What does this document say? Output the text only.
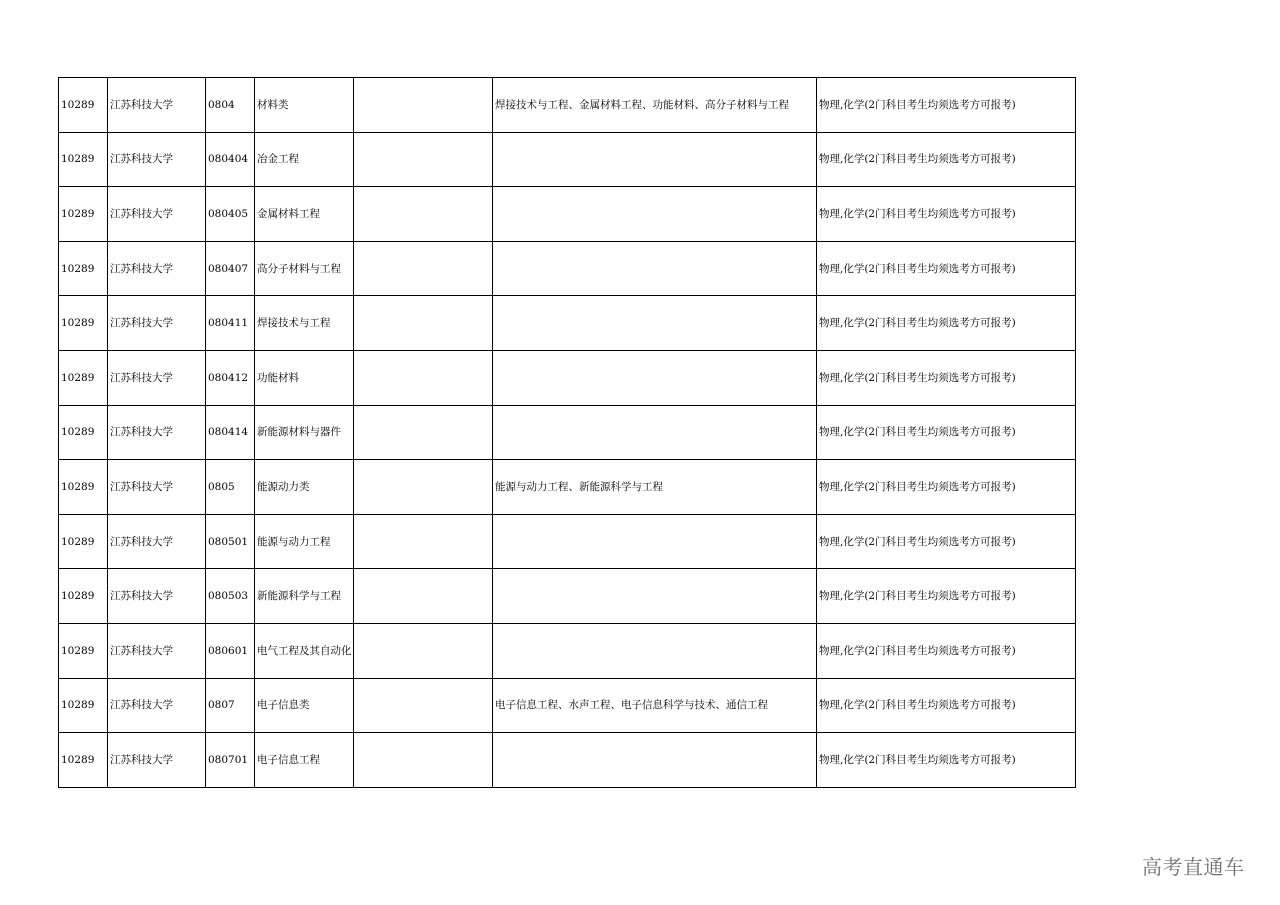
10289	江苏科技大学	0804	材料类		焊接技术与工程、金属材料工程、功能材料、高分子材料与工程	物理,化学(2门科目考生均须选考方可报考)
10289	江苏科技大学	080404	冶金工程			物理,化学(2门科目考生均须选考方可报考)
10289	江苏科技大学	080405	金属材料工程			物理,化学(2门科目考生均须选考方可报考)
10289	江苏科技大学	080407	高分子材料与工程			物理,化学(2门科目考生均须选考方可报考)
10289	江苏科技大学	080411	焊接技术与工程			物理,化学(2门科目考生均须选考方可报考)
10289	江苏科技大学	080412	功能材料			物理,化学(2门科目考生均须选考方可报考)
10289	江苏科技大学	080414	新能源材料与器件			物理,化学(2门科目考生均须选考方可报考)
10289	江苏科技大学	0805	能源动力类		能源与动力工程、新能源科学与工程	物理,化学(2门科目考生均须选考方可报考)
10289	江苏科技大学	080501	能源与动力工程			物理,化学(2门科目考生均须选考方可报考)
10289	江苏科技大学	080503	新能源科学与工程			物理,化学(2门科目考生均须选考方可报考)
10289	江苏科技大学	080601	电气工程及其自动化			物理,化学(2门科目考生均须选考方可报考)
10289	江苏科技大学	0807	电子信息类		电子信息工程、水声工程、电子信息科学与技术、通信工程	物理,化学(2门科目考生均须选考方可报考)
10289	江苏科技大学	080701	电子信息工程			物理,化学(2门科目考生均须选考方可报考)
高考直通车
